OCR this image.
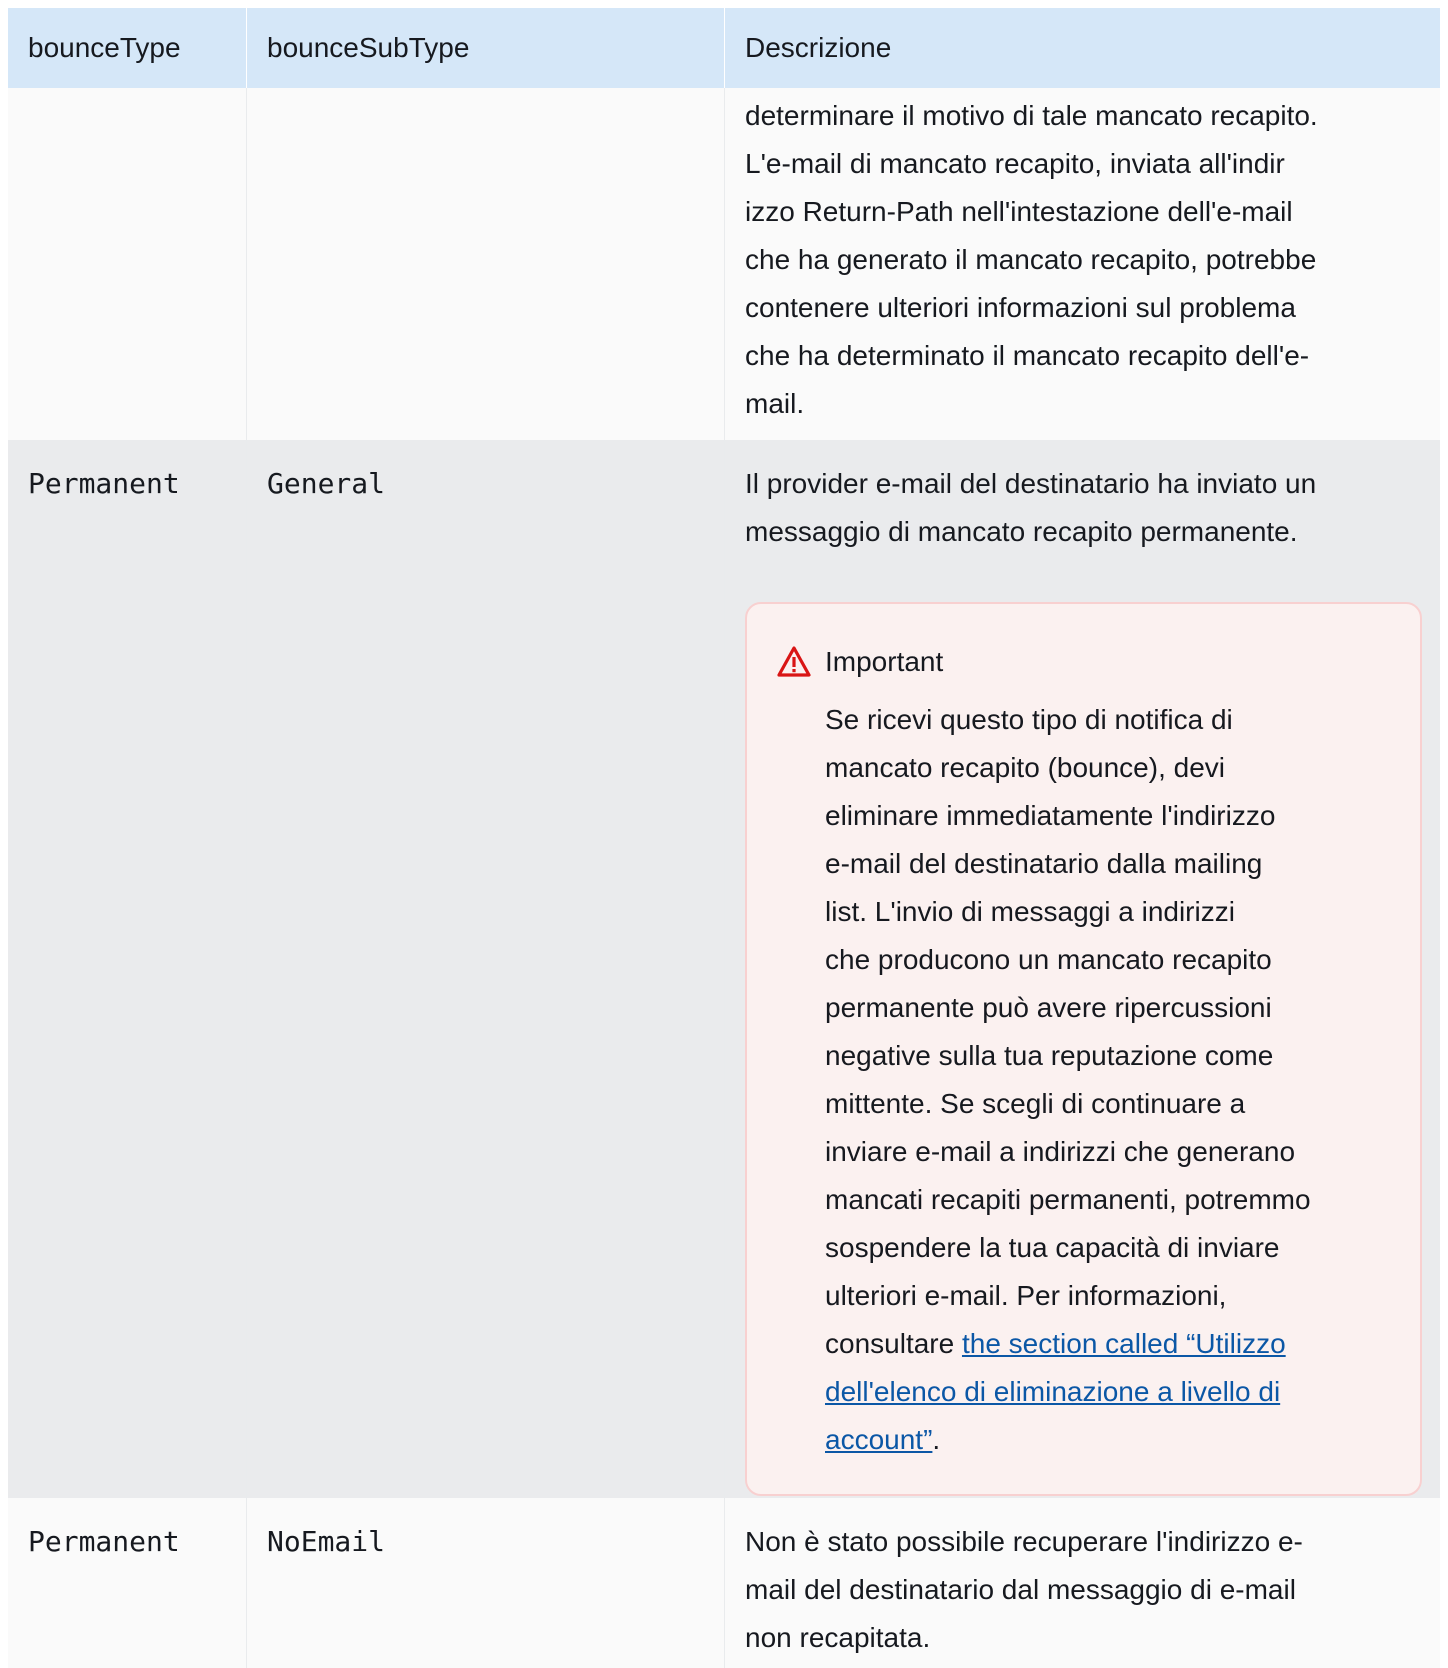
bounceType	bounceSubType	Descrizione
determinare il motivo di tale mancato recapito.
L'e-mail di mancato recapito, inviata all'indir
izzo Return-Path nell'intestazione dell'e-mail
che ha generato il mancato recapito, potrebbe
contenere ulteriori informazioni sul problema
che ha determinato il mancato recapito dell'e-
mail.
Permanent	General	Il provider e-mail del destinatario ha inviato un
messaggio di mancato recapito permanente.
Important
Se ricevi questo tipo di notifica di
mancato recapito (bounce), devi
eliminare immediatamente l'indirizzo
e-mail del destinatario dalla mailing
list. L'invio di messaggi a indirizzi
che producono un mancato recapito
permanente può avere ripercussioni
negative sulla tua reputazione come
mittente. Se scegli di continuare a
inviare e-mail a indirizzi che generano
mancati recapiti permanenti, potremmo
sospendere la tua capacità di inviare
ulteriori e-mail. Per informazioni,
consultare the section called “Utilizzo
dell'elenco di eliminazione a livello di
account”.
Permanent	NoEmail	Non è stato possibile recuperare l'indirizzo e-
mail del destinatario dal messaggio di e-mail
non recapitata.
